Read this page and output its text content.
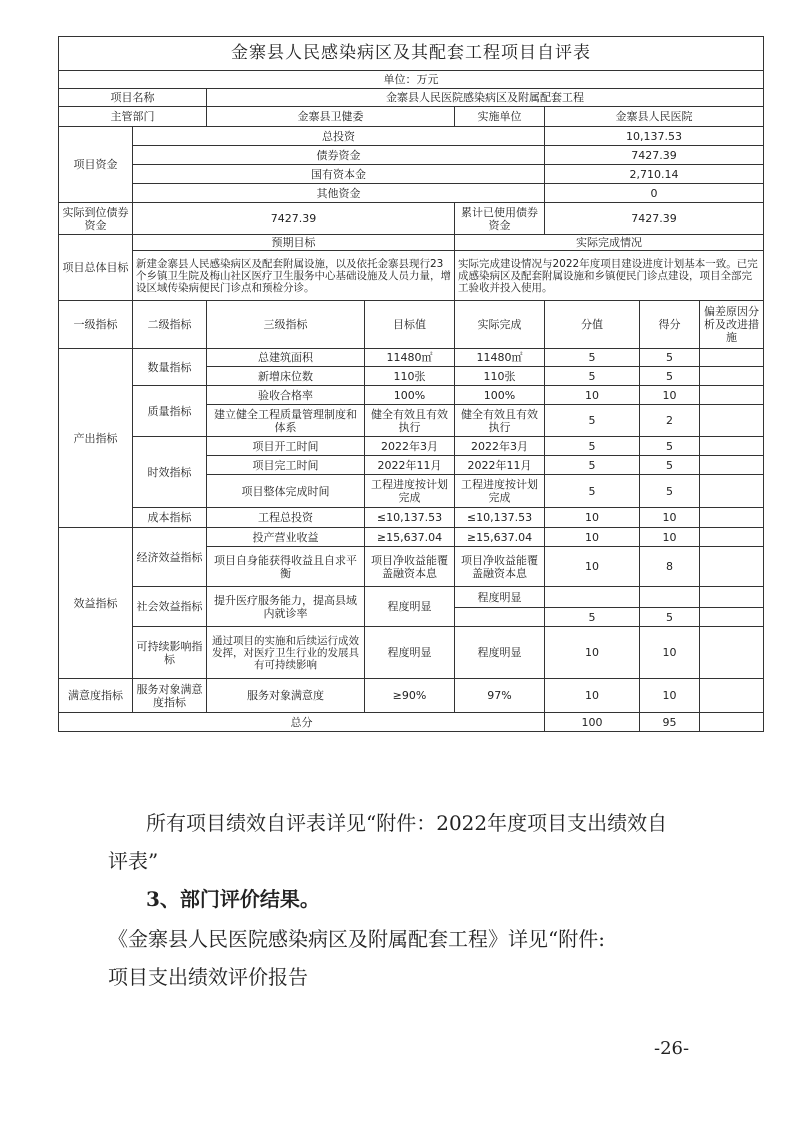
金寨县人民感染病区及其配套工程项目自评表							
单位：万元							
项目名称		金寨县人民医院感染病区及附属配套工程					
主管部门		金寨县卫健委		实施单位	金寨县人民医院		
项目资金	总投资				10,137.53		
	债券资金				7427.39		
	国有资本金				2,710.14		
	其他资金				0		
实际到位债券资金	7427.39			累计已使用债券资金	7427.39		
项目总体目标	预期目标			实际完成情况			
	新建金寨县人民感染病区及配套附属设施，以及依托金寨县现行23个乡镇卫生院及梅山社区医疗卫生服务中心基础设施及人员力量，增设区域传染病便民门诊点和预检分诊。			实际完成建设情况与2022年度项目建设进度计划基本一致。已完成感染病区及配套附属设施和乡镇便民门诊点建设，项目全部完工验收并投入使用。			
一级指标	二级指标	三级指标	目标值	实际完成	分值	得分	偏差原因分析及改进措施
产出指标	数量指标	总建筑面积	11480㎡	11480㎡	5	5	
		新增床位数	110张	110张	5	5	
	质量指标	验收合格率	100%	100%	10	10	
		建立健全工程质量管理制度和体系	健全有效且有效执行	健全有效且有效执行	5	2	
	时效指标	项目开工时间	2022年3月	2022年3月	5	5	
		项目完工时间	2022年11月	2022年11月	5	5	
		项目整体完成时间	工程进度按计划完成	工程进度按计划完成	5	5	
	成本指标	工程总投资	≤10,137.53	≤10,137.53	10	10	
效益指标	经济效益指标	投产营业收益	≥15,637.04	≥15,637.04	10	10	
		项目自身能获得收益且自求平衡	项目净收益能覆盖融资本息	项目净收益能覆盖融资本息	10	8	
	社会效益指标	提升医疗服务能力，提高县域内就诊率	程度明显	程度明显			
					5	5	
	可持续影响指标	通过项目的实施和后续运行成效发挥，对医疗卫生行业的发展具有可持续影响	程度明显	程度明显	10	10	
满意度指标	服务对象满意度指标	服务对象满意度	≥90%	97%	10	10	
总分					100	95	
所有项目绩效自评表详见“附件：2022年度项目支出绩效自
评表”
3、部门评价结果。
《金寨县人民医院感染病区及附属配套工程》详见“附件:
项目支出绩效评价报告
-26-
